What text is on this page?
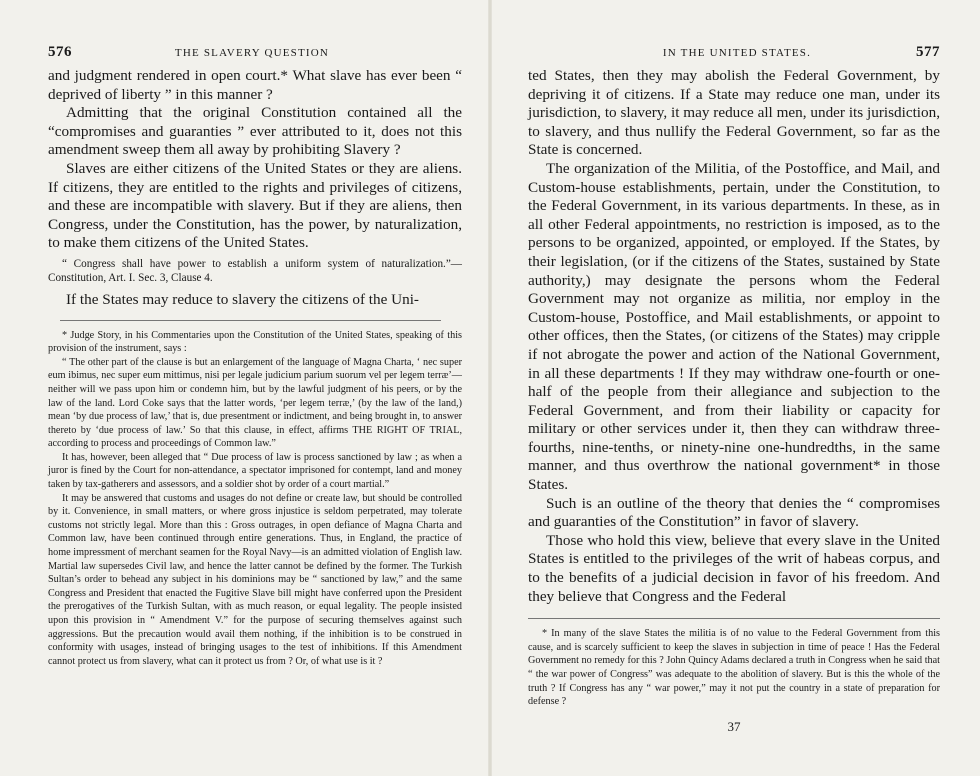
576	THE SLAVERY QUESTION

and judgment rendered in open court.* What slave has ever been “ deprived of liberty ” in this manner ?

Admitting that the original Constitution contained all the “compromises and guaranties ” ever attributed to it, does not this amendment sweep them all away by prohibiting Slavery ?

Slaves are either citizens of the United States or they are aliens. If citizens, they are entitled to the rights and privileges of citizens, and these are incompatible with slavery. But if they are aliens, then Congress, under the Constitution, has the power, by naturalization, to make them citizens of the United States.

“ Congress shall have power to establish a uniform system of naturalization.”—Constitution, Art. I. Sec. 3, Clause 4.

If the States may reduce to slavery the citizens of the Uni-

* Judge Story, in his Commentaries upon the Constitution of the United States, speaking of this provision of the instrument, says :

“ The other part of the clause is but an enlargement of the language of Magna Charta, ‘ nec super eum ibimus, nec super eum mittimus, nisi per legale judicium parium suorum vel per legem terræ’—neither will we pass upon him or condemn him, but by the lawful judgment of his peers, or by the law of the land. Lord Coke says that the latter words, ‘per legem terræ,’ (by the law of the land,) mean ‘by due process of law,’ that is, due presentment or indictment, and being brought in, to answer thereto by ‘due process of law.’ So that this clause, in effect, affirms THE RIGHT OF TRIAL, according to process and proceedings of Common law.”

It has, however, been alleged that “ Due process of law is process sanctioned by law ; as when a juror is fined by the Court for non-attendance, a spectator imprisoned for contempt, land and money taken by tax-gatherers and assessors, and a soldier shot by order of a court martial.”

It may be answered that customs and usages do not define or create law, but should be controlled by it. Convenience, in small matters, or where gross injustice is seldom perpetrated, may tolerate customs not strictly legal. More than this : Gross outrages, in open defiance of Magna Charta and Common law, have been continued through entire generations. Thus, in England, the practice of home impressment of merchant seamen for the Royal Navy—is an admitted violation of English law. Martial law supersedes Civil law, and hence the latter cannot be defined by the former. The Turkish Sultan’s order to behead any subject in his dominions may be “ sanctioned by law,” and the same Congress and President that enacted the Fugitive Slave bill might have conferred upon the President the prerogatives of the Turkish Sultan, with as much reason, or equal legality. The people insisted upon this provision in “ Amendment V.” for the purpose of securing themselves against such aggressions. But the precaution would avail them nothing, if the inhibition is to be construed in conformity with usages, instead of bringing usages to the test of inhibitions. If this Amendment cannot protect us from slavery, what can it protect us from ? Or, of what use is it ?

IN THE UNITED STATES.	577

ted States, then they may abolish the Federal Government, by depriving it of citizens. If a State may reduce one man, under its jurisdiction, to slavery, it may reduce all men, under its jurisdiction, to slavery, and thus nullify the Federal Government, so far as the State is concerned.

The organization of the Militia, of the Postoffice, and Mail, and Custom-house establishments, pertain, under the Constitution, to the Federal Government, in its various departments. In these, as in all other Federal appointments, no restriction is imposed, as to the persons to be organized, appointed, or employed. If the States, by their legislation, (or if the citizens of the States, sustained by State authority,) may designate the persons whom the Federal Government may not organize as militia, nor employ in the Custom-house, Postoffice, and Mail establishments, or appoint to other offices, then the States, (or citizens of the States) may cripple if not abrogate the power and action of the National Government, in all these departments ! If they may withdraw one-fourth or one-half of the people from their allegiance and subjection to the Federal Government, and from their liability or capacity for military or other services under it, then they can withdraw three-fourths, nine-tenths, or ninety-nine one-hundredths, in the same manner, and thus overthrow the national government* in those States.

Such is an outline of the theory that denies the “ compromises and guaranties of the Constitution” in favor of slavery.

Those who hold this view, believe that every slave in the United States is entitled to the privileges of the writ of habeas corpus, and to the benefits of a judicial decision in favor of his freedom. And they believe that Congress and the Federal

* In many of the slave States the militia is of no value to the Federal Government from this cause, and is scarcely sufficient to keep the slaves in subjection in time of peace ! Has the Federal Government no remedy for this ? John Quincy Adams declared a truth in Congress when he said that “ the war power of Congress” was adequate to the abolition of slavery. But is this the whole of the truth ? If Congress has any “ war power,” may it not put the country in a state of preparation for defense ?

37
